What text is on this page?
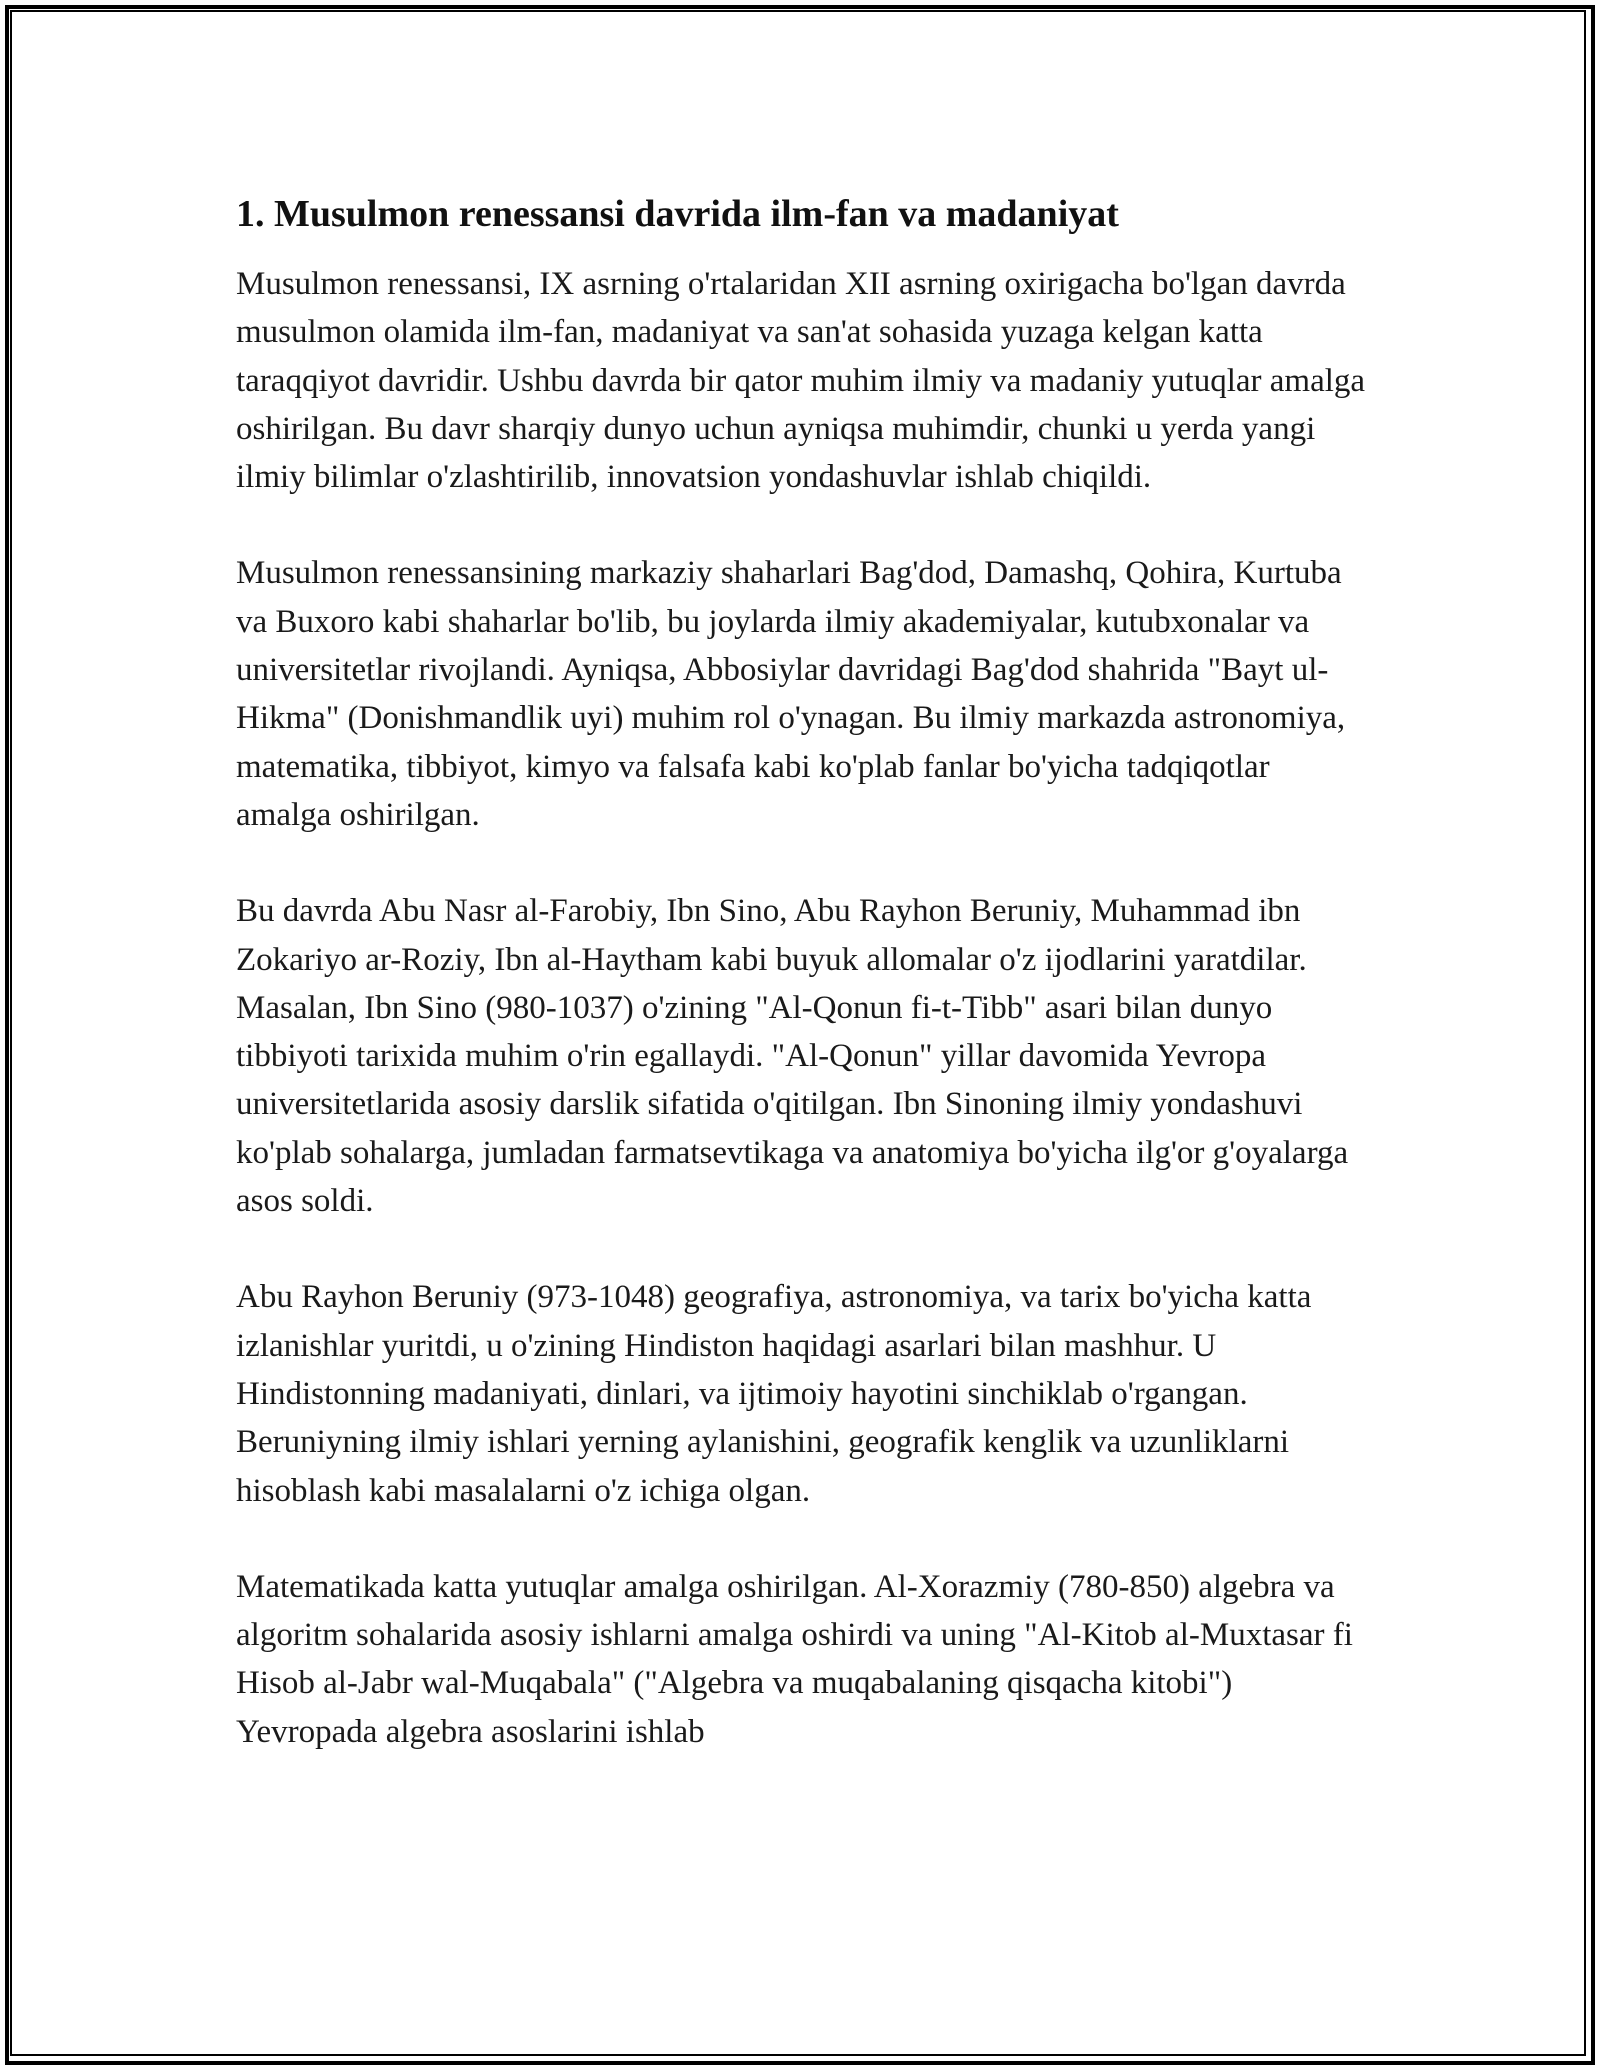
1. Musulmon renessansi davrida ilm-fan va madaniyat

Musulmon renessansi, IX asrning o'rtalaridan XII asrning oxirigacha bo'lgan davrda musulmon olamida ilm-fan, madaniyat va san'at sohasida yuzaga kelgan katta taraqqiyot davridir. Ushbu davrda bir qator muhim ilmiy va madaniy yutuqlar amalga oshirilgan. Bu davr sharqiy dunyo uchun ayniqsa muhimdir, chunki u yerda yangi ilmiy bilimlar o'zlashtirilib, innovatsion yondashuvlar ishlab chiqildi.

Musulmon renessansining markaziy shaharlari Bag'dod, Damashq, Qohira, Kurtuba va Buxoro kabi shaharlar bo'lib, bu joylarda ilmiy akademiyalar, kutubxonalar va universitetlar rivojlandi. Ayniqsa, Abbosiylar davridagi Bag'dod shahrida "Bayt ul-Hikma" (Donishmandlik uyi) muhim rol o'ynagan. Bu ilmiy markazda astronomiya, matematika, tibbiyot, kimyo va falsafa kabi ko'plab fanlar bo'yicha tadqiqotlar amalga oshirilgan.

Bu davrda Abu Nasr al-Farobiy, Ibn Sino, Abu Rayhon Beruniy, Muhammad ibn Zokariyo ar-Roziy, Ibn al-Haytham kabi buyuk allomalar o'z ijodlarini yaratdilar. Masalan, Ibn Sino (980-1037) o'zining "Al-Qonun fi-t-Tibb" asari bilan dunyo tibbiyoti tarixida muhim o'rin egallaydi. "Al-Qonun" yillar davomida Yevropa universitetlarida asosiy darslik sifatida o'qitilgan. Ibn Sinoning ilmiy yondashuvi ko'plab sohalarga, jumladan farmatsevtikaga va anatomiya bo'yicha ilg'or g'oyalarga asos soldi.

Abu Rayhon Beruniy (973-1048) geografiya, astronomiya, va tarix bo'yicha katta izlanishlar yuritdi, u o'zining Hindiston haqidagi asarlari bilan mashhur. U Hindistonning madaniyati, dinlari, va ijtimoiy hayotini sinchiklab o'rgangan. Beruniyning ilmiy ishlari yerning aylanishini, geografik kenglik va uzunliklarni hisoblash kabi masalalarni o'z ichiga olgan.

Matematikada katta yutuqlar amalga oshirilgan. Al-Xorazmiy (780-850) algebra va algoritm sohalarida asosiy ishlarni amalga oshirdi va uning "Al-Kitob al-Muxtasar fi Hisob al-Jabr wal-Muqabala" ("Algebra va muqabalaning qisqacha kitobi") Yevropada algebra asoslarini ishlab
